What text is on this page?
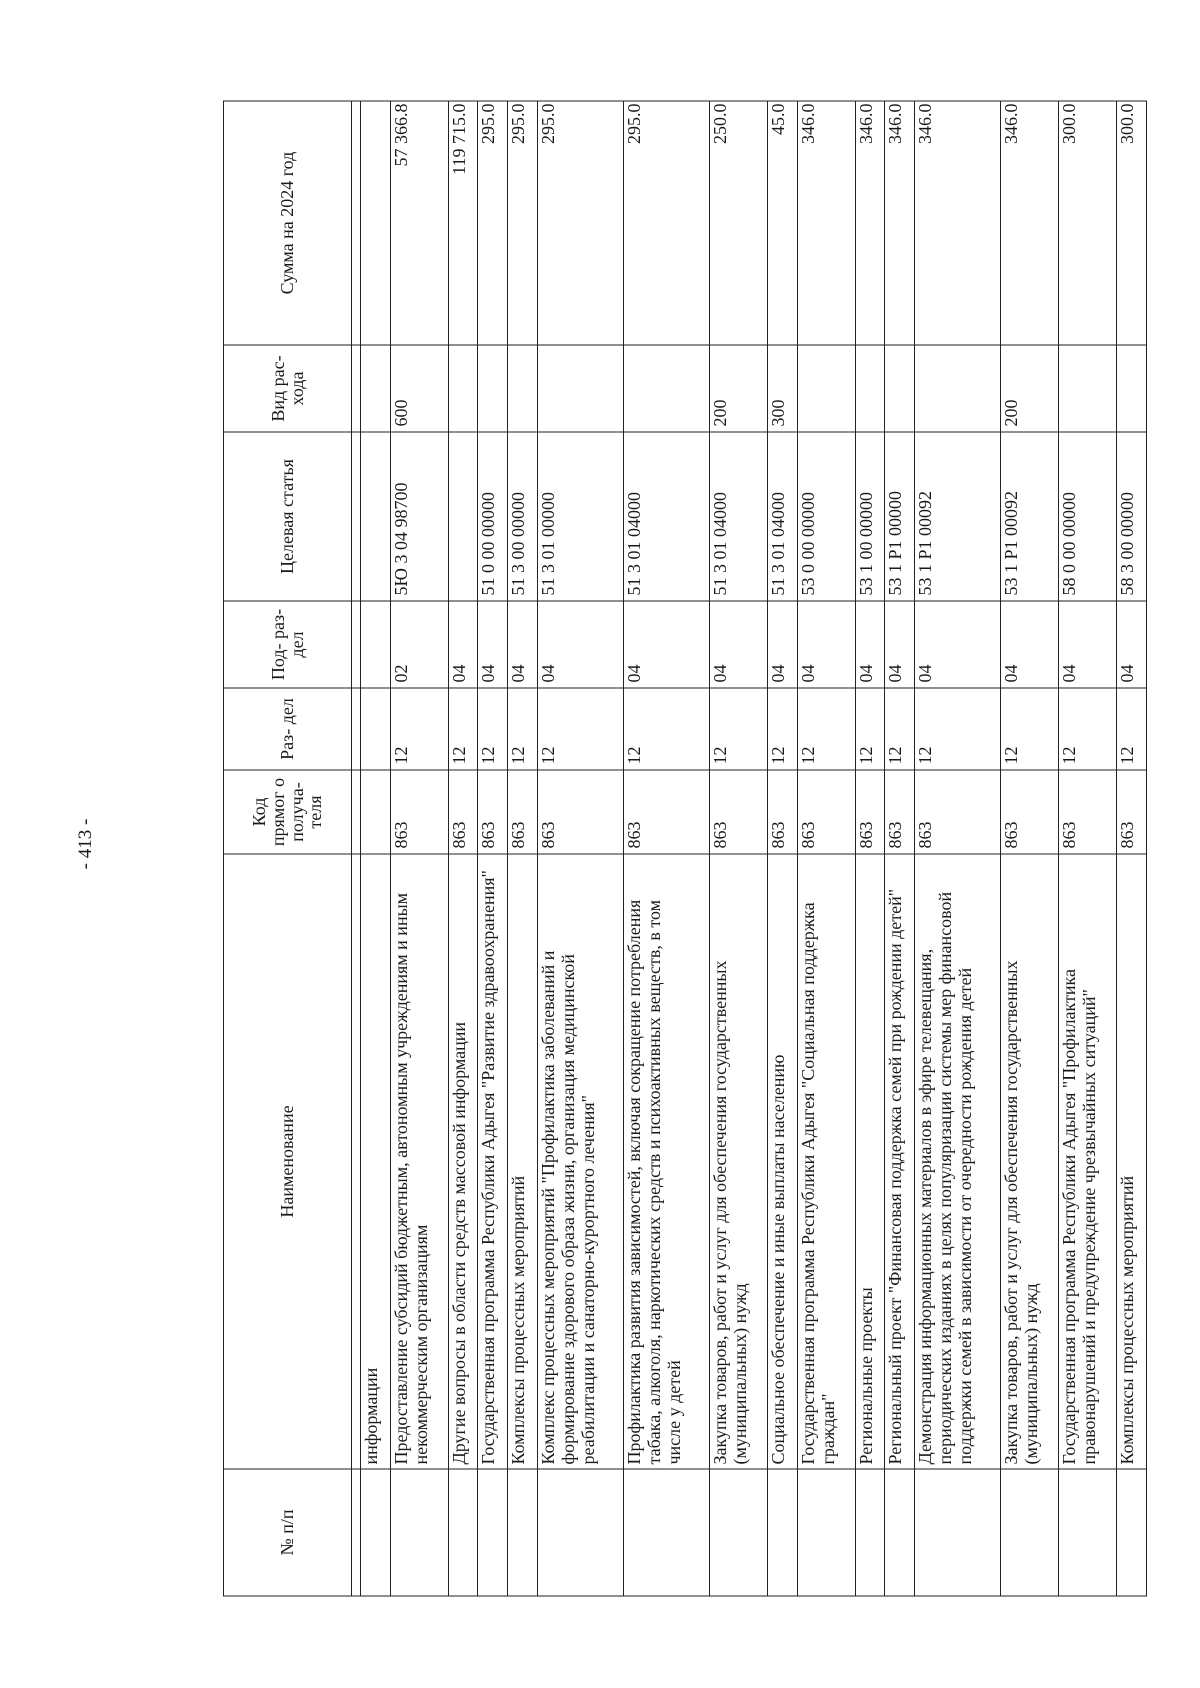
- 413 -
№ п/п	Наименование	Код прямог о получа- теля	Раз- дел	Под- раз- дел	Целевая статья	Вид рас- хода	Сумма на 2024 год

	информации						
	Предоставление субсидий бюджетным, автономным учреждениям и иным некоммерческим организациям	863	12	02	5Ю 3 04 98700	600	57 366.8
	Другие вопросы в области средств массовой информации	863	12	04			119 715.0
	Государственная программа Республики Адыгея "Развитие здравоохранения"	863	12	04	51 0 00 00000		295.0
	Комплексы процессных мероприятий	863	12	04	51 3 00 00000		295.0
	Комплекс процессных мероприятий "Профилактика заболеваний и формирование здорового образа жизни, организация медицинской реабилитации и санаторно-курортного лечения"	863	12	04	51 3 01 00000		295.0
	Профилактика развития зависимостей, включая сокращение потребления табака, алкоголя, наркотических средств и психоактивных веществ, в том числе у детей	863	12	04	51 3 01 04000		295.0
	Закупка товаров, работ и услуг для обеспечения государственных (муниципальных) нужд	863	12	04	51 3 01 04000	200	250.0
	Социальное обеспечение и иные выплаты населению	863	12	04	51 3 01 04000	300	45.0
	Государственная программа Республики Адыгея "Социальная поддержка граждан"	863	12	04	53 0 00 00000		346.0
	Региональные проекты	863	12	04	53 1 00 00000		346.0
	Региональный проект "Финансовая поддержка семей при рождении детей"	863	12	04	53 1 P1 00000		346.0
	Демонстрация информационных материалов в эфире телевещания, периодических изданиях в целях популяризации системы мер финансовой поддержки семей в зависимости от очередности рождения детей	863	12	04	53 1 P1 00092		346.0
	Закупка товаров, работ и услуг для обеспечения государственных (муниципальных) нужд	863	12	04	53 1 P1 00092	200	346.0
	Государственная программа Республики Адыгея "Профилактика правонарушений и предупреждение чрезвычайных ситуаций"	863	12	04	58 0 00 00000		300.0
	Комплексы процессных мероприятий	863	12	04	58 3 00 00000		300.0
